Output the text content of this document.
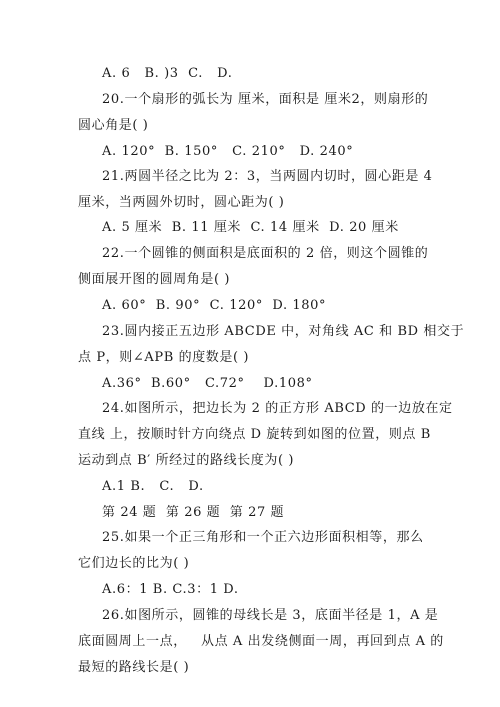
A. 6   B. )3  C.   D.
20.一个扇形的弧长为 厘米，面积是 厘米2，则扇形的
圆心角是( )
A. 120°  B. 150°   C. 210°   D. 240°
21.两圆半径之比为 2：3，当两圆内切时，圆心距是 4
厘米，当两圆外切时，圆心距为( )
A. 5 厘米  B. 11 厘米  C. 14 厘米  D. 20 厘米
22.一个圆锥的侧面积是底面积的 2 倍，则这个圆锥的
侧面展开图的圆周角是( )
A. 60°  B. 90°  C. 120°  D. 180°
23.圆内接正五边形 ABCDE 中，对角线 AC 和 BD 相交于
点 P，则∠APB 的度数是( )
A.36°  B.60°   C.72°    D.108°
24.如图所示，把边长为 2 的正方形 ABCD 的一边放在定
直线 上，按顺时针方向绕点 D 旋转到如图的位置，则点 B
运动到点 B′ 所经过的路线长度为( )
A.1 B.   C.   D.
第 24 题  第 26 题  第 27 题
25.如果一个正三角形和一个正六边形面积相等，那么
它们边长的比为( )
A.6：1 B. C.3：1 D.
26.如图所示，圆锥的母线长是 3，底面半径是 1，A 是
底面圆周上一点，   从点 A 出发绕侧面一周，再回到点 A 的
最短的路线长是( )
